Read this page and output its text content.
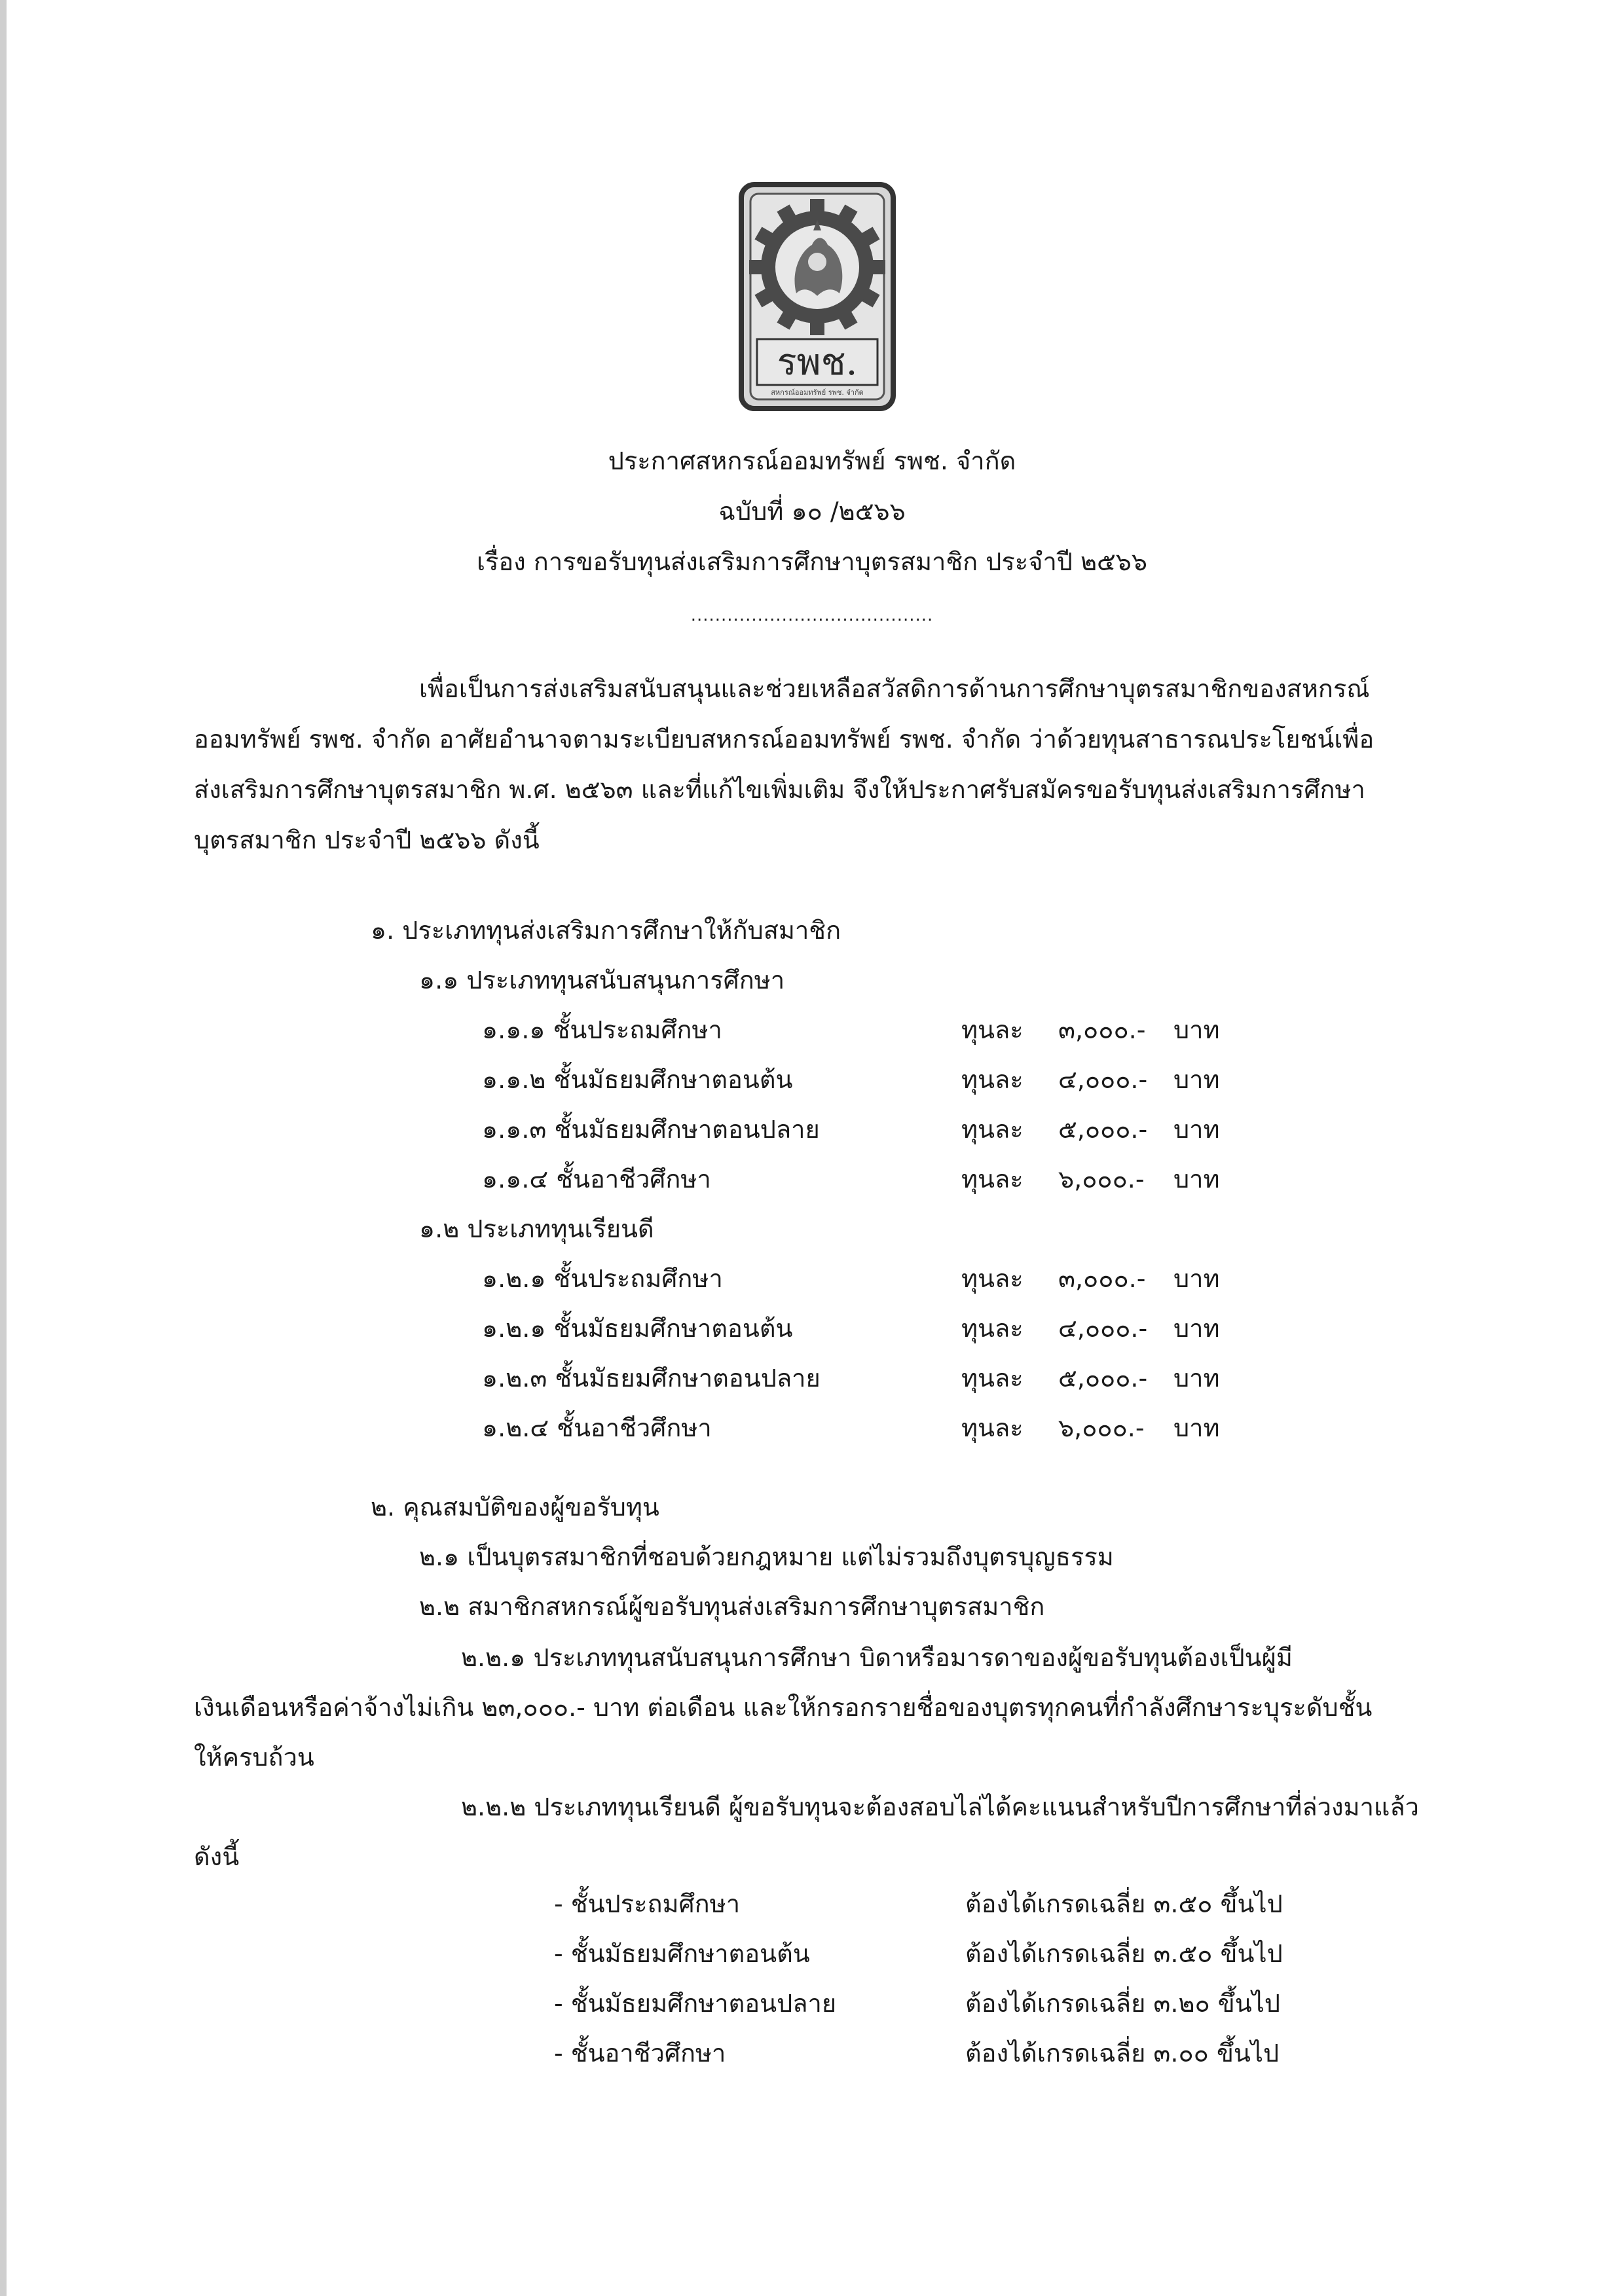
รพช.
สหกรณ์ออมทรัพย์ รพช. จำกัด
ประกาศสหกรณ์ออมทรัพย์ รพช. จำกัด
ฉบับที่ ๑๐ /๒๕๖๖
เรื่อง การขอรับทุนส่งเสริมการศึกษาบุตรสมาชิก ประจำปี ๒๕๖๖
........................................
เพื่อเป็นการส่งเสริมสนับสนุนและช่วยเหลือสวัสดิการด้านการศึกษาบุตรสมาชิกของสหกรณ์
ออมทรัพย์ รพช. จำกัด อาศัยอำนาจตามระเบียบสหกรณ์ออมทรัพย์ รพช. จำกัด ว่าด้วยทุนสาธารณประโยชน์เพื่อ
ส่งเสริมการศึกษาบุตรสมาชิก พ.ศ. ๒๕๖๓ และที่แก้ไขเพิ่มเติม จึงให้ประกาศรับสมัครขอรับทุนส่งเสริมการศึกษา
บุตรสมาชิก ประจำปี ๒๕๖๖ ดังนี้
๑. ประเภททุนส่งเสริมการศึกษาให้กับสมาชิก
๑.๑ ประเภททุนสนับสนุนการศึกษา
๑.๑.๑ ชั้นประถมศึกษา	ทุนละ ๓,๐๐๐.- บาท
๑.๑.๒ ชั้นมัธยมศึกษาตอนต้น	ทุนละ ๔,๐๐๐.- บาท
๑.๑.๓ ชั้นมัธยมศึกษาตอนปลาย	ทุนละ ๕,๐๐๐.- บาท
๑.๑.๔ ชั้นอาชีวศึกษา	ทุนละ ๖,๐๐๐.- บาท
๑.๒ ประเภททุนเรียนดี
๑.๒.๑ ชั้นประถมศึกษา	ทุนละ ๓,๐๐๐.- บาท
๑.๒.๑ ชั้นมัธยมศึกษาตอนต้น	ทุนละ ๔,๐๐๐.- บาท
๑.๒.๓ ชั้นมัธยมศึกษาตอนปลาย	ทุนละ ๕,๐๐๐.- บาท
๑.๒.๔ ชั้นอาชีวศึกษา	ทุนละ ๖,๐๐๐.- บาท
๒. คุณสมบัติของผู้ขอรับทุน
๒.๑ เป็นบุตรสมาชิกที่ชอบด้วยกฎหมาย แต่ไม่รวมถึงบุตรบุญธรรม
๒.๒ สมาชิกสหกรณ์ผู้ขอรับทุนส่งเสริมการศึกษาบุตรสมาชิก
๒.๒.๑ ประเภททุนสนับสนุนการศึกษา บิดาหรือมารดาของผู้ขอรับทุนต้องเป็นผู้มี
เงินเดือนหรือค่าจ้างไม่เกิน ๒๓,๐๐๐.- บาท ต่อเดือน และให้กรอกรายชื่อของบุตรทุกคนที่กำลังศึกษาระบุระดับชั้น
ให้ครบถ้วน
๒.๒.๒ ประเภททุนเรียนดี ผู้ขอรับทุนจะต้องสอบไล่ได้คะแนนสำหรับปีการศึกษาที่ล่วงมาแล้ว
ดังนี้
- ชั้นประถมศึกษา	ต้องได้เกรดเฉลี่ย ๓.๕๐ ขึ้นไป
- ชั้นมัธยมศึกษาตอนต้น	ต้องได้เกรดเฉลี่ย ๓.๕๐ ขึ้นไป
- ชั้นมัธยมศึกษาตอนปลาย	ต้องได้เกรดเฉลี่ย ๓.๒๐ ขึ้นไป
- ชั้นอาชีวศึกษา	ต้องได้เกรดเฉลี่ย ๓.๐๐ ขึ้นไป
